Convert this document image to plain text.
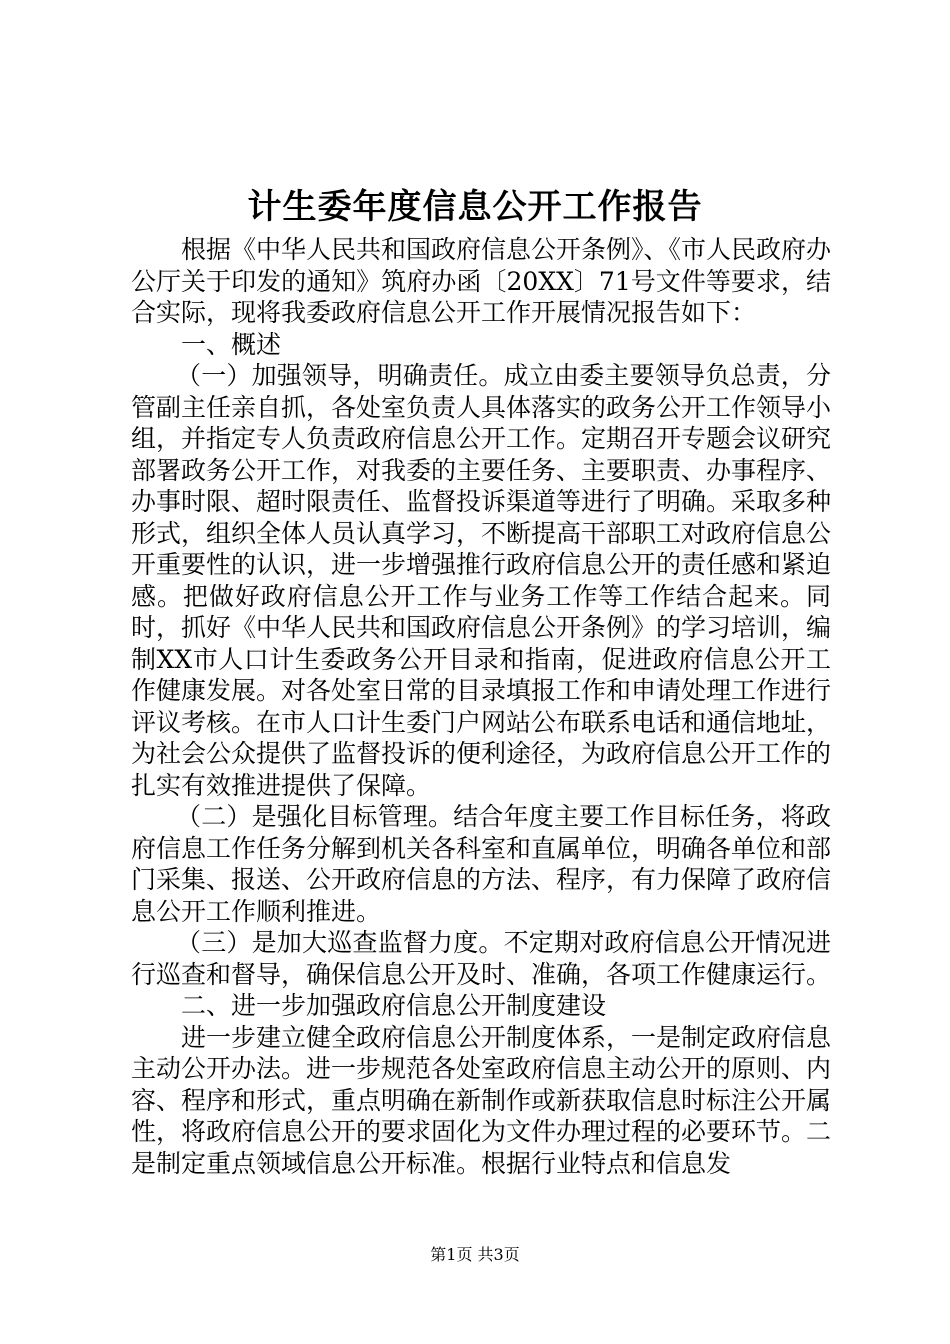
计生委年度信息公开工作报告

根据《中华人民共和国政府信息公开条例》、《市人民政府办公厅关于印发的通知》筑府办函〔20XX〕71号文件等要求，结合实际，现将我委政府信息公开工作开展情况报告如下：

一、概述

（一）加强领导，明确责任。成立由委主要领导负总责，分管副主任亲自抓，各处室负责人具体落实的政务公开工作领导小组，并指定专人负责政府信息公开工作。定期召开专题会议研究部署政务公开工作，对我委的主要任务、主要职责、办事程序、办事时限、超时限责任、监督投诉渠道等进行了明确。采取多种形式，组织全体人员认真学习，不断提高干部职工对政府信息公开重要性的认识，进一步增强推行政府信息公开的责任感和紧迫感。把做好政府信息公开工作与业务工作等工作结合起来。同时，抓好《中华人民共和国政府信息公开条例》的学习培训，编制XX市人口计生委政务公开目录和指南，促进政府信息公开工作健康发展。对各处室日常的目录填报工作和申请处理工作进行评议考核。在市人口计生委门户网站公布联系电话和通信地址，为社会公众提供了监督投诉的便利途径，为政府信息公开工作的扎实有效推进提供了保障。

（二）是强化目标管理。结合年度主要工作目标任务，将政府信息工作任务分解到机关各科室和直属单位，明确各单位和部门采集、报送、公开政府信息的方法、程序，有力保障了政府信息公开工作顺利推进。

（三）是加大巡查监督力度。不定期对政府信息公开情况进行巡查和督导，确保信息公开及时、准确，各项工作健康运行。

二、进一步加强政府信息公开制度建设

进一步建立健全政府信息公开制度体系，一是制定政府信息主动公开办法。进一步规范各处室政府信息主动公开的原则、内容、程序和形式，重点明确在新制作或新获取信息时标注公开属性，将政府信息公开的要求固化为文件办理过程的必要环节。二是制定重点领域信息公开标准。根据行业特点和信息发

第1页 共3页
